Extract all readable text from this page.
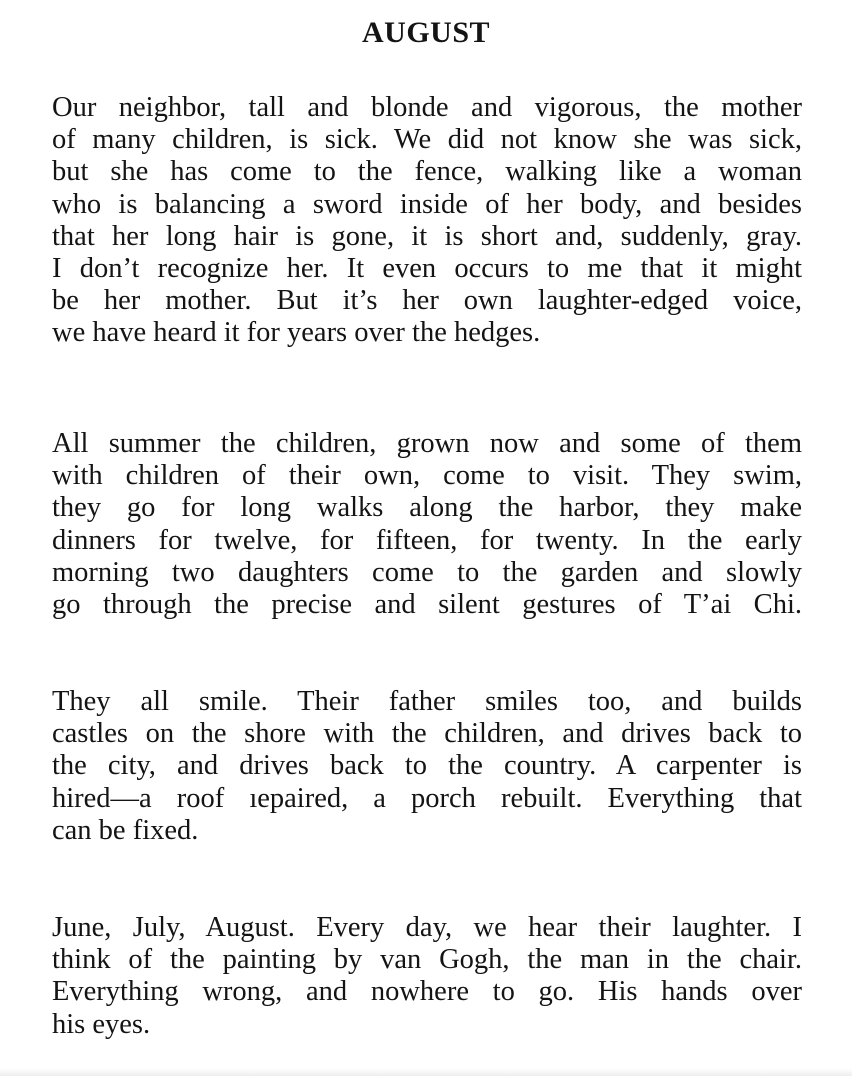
AUGUST
Our neighbor, tall and blonde and vigorous, the mother
of many children, is sick. We did not know she was sick,
but she has come to the fence, walking like a woman
who is balancing a sword inside of her body, and besides
that her long hair is gone, it is short and, suddenly, gray.
I don’t recognize her. It even occurs to me that it might
be her mother. But it’s her own laughter-edged voice,
we have heard it for years over the hedges.
All summer the children, grown now and some of them
with children of their own, come to visit. They swim,
they go for long walks along the harbor, they make
dinners for twelve, for fifteen, for twenty. In the early
morning two daughters come to the garden and slowly
go through the precise and silent gestures of T’ai Chi.
They all smile. Their father smiles too, and builds
castles on the shore with the children, and drives back to
the city, and drives back to the country. A carpenter is
hired—a roof ıepaired, a porch rebuilt. Everything that
can be fixed.
June, July, August. Every day, we hear their laughter. I
think of the painting by van Gogh, the man in the chair.
Everything wrong, and nowhere to go. His hands over
his eyes.
